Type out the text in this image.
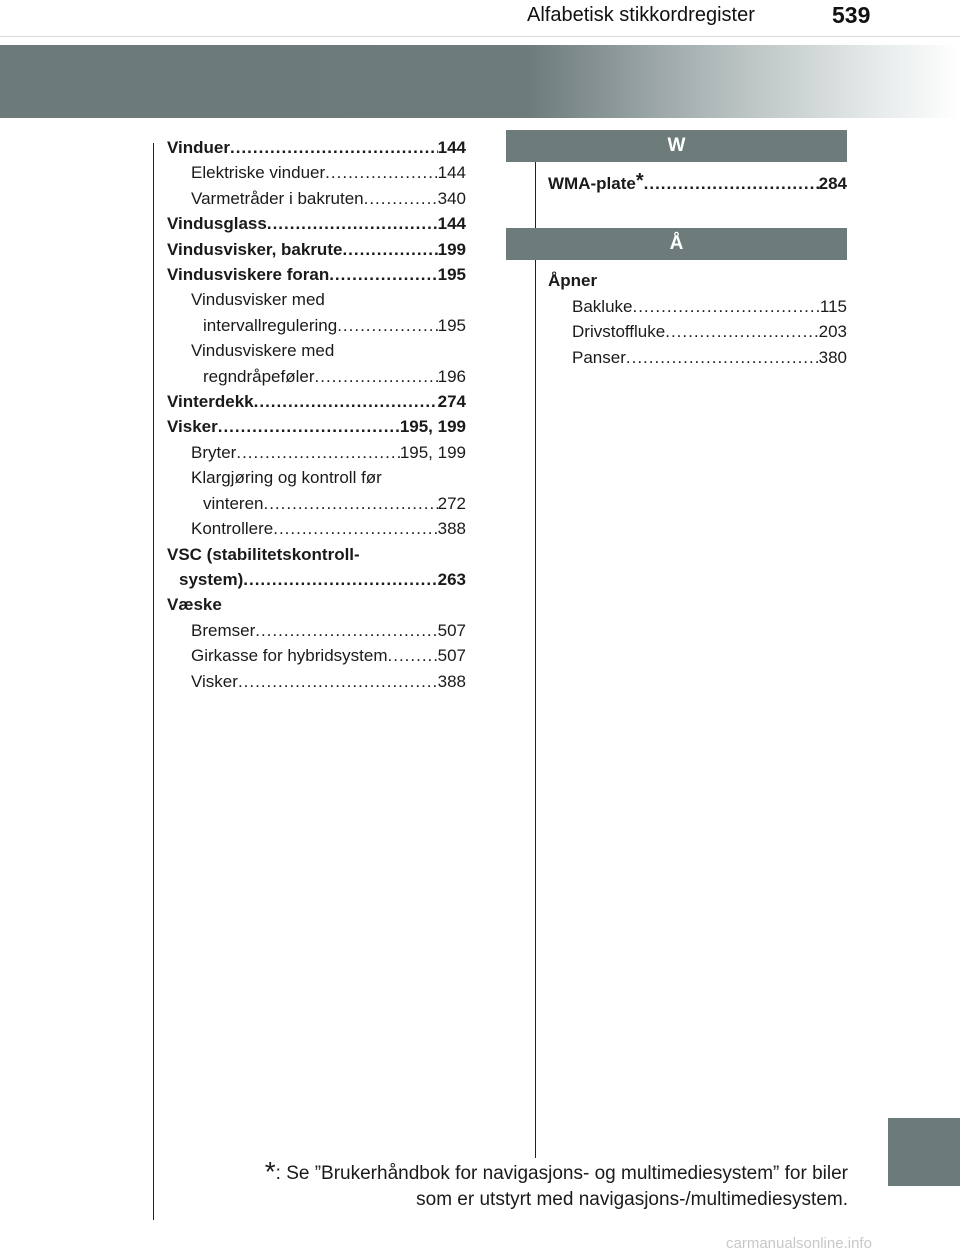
Alfabetisk stikkordregister	539
Vinduer .....	144
Elektriske vinduer .....	144
Varmetråder i bakruten .....	340
Vindusglass .....	144
Vindusvisker, bakrute .....	199
Vindusviskere foran .....	195
Vindusvisker med
intervallregulering .....	195
Vindusviskere med
regndråpeføler .....	196
Vinterdekk .....	274
Visker .....	195, 199
Bryter .....	195, 199
Klargjøring og kontroll før
vinteren .....	272
Kontrollere .....	388
VSC (stabilitetskontroll-
system) .....	263
Væske
Bremser .....	507
Girkasse for hybridsystem .....	507
Visker .....	388
W
WMA-plate* .....	284
Å
Åpner
Bakluke .....	115
Drivstoffluke .....	203
Panser .....	380
*: Se ”Brukerhåndbok for navigasjons- og multimediesystem” for biler
som er utstyrt med navigasjons-/multimediesystem.
carmanualsonline.info
